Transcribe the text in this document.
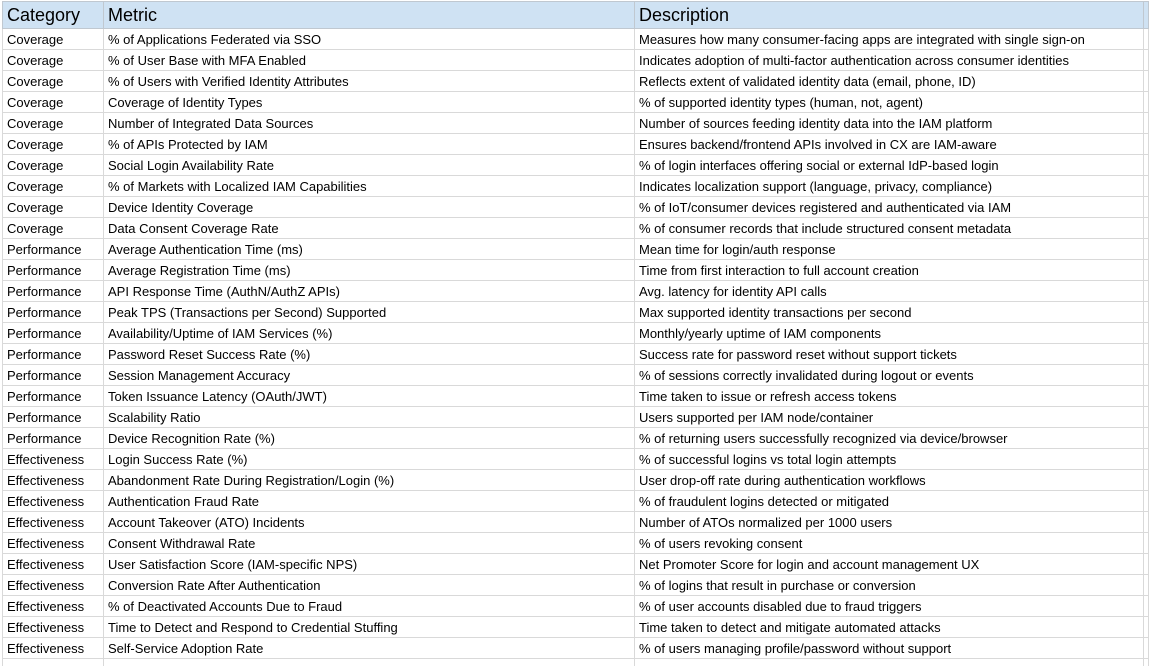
Category	Metric	Description	
Coverage	% of Applications Federated via SSO	Measures how many consumer-facing apps are integrated with single sign-on	
Coverage	% of User Base with MFA Enabled	Indicates adoption of multi-factor authentication across consumer identities	
Coverage	% of Users with Verified Identity Attributes	Reflects extent of validated identity data (email, phone, ID)	
Coverage	Coverage of Identity Types	% of supported identity types (human, not, agent)	
Coverage	Number of Integrated Data Sources	Number of sources feeding identity data into the IAM platform	
Coverage	% of APIs Protected by IAM	Ensures backend/frontend APIs involved in CX are IAM-aware	
Coverage	Social Login Availability Rate	% of login interfaces offering social or external IdP-based login	
Coverage	% of Markets with Localized IAM Capabilities	Indicates localization support (language, privacy, compliance)	
Coverage	Device Identity Coverage	% of IoT/consumer devices registered and authenticated via IAM	
Coverage	Data Consent Coverage Rate	% of consumer records that include structured consent metadata	
Performance	Average Authentication Time (ms)	Mean time for login/auth response	
Performance	Average Registration Time (ms)	Time from first interaction to full account creation	
Performance	API Response Time (AuthN/AuthZ APIs)	Avg. latency for identity API calls	
Performance	Peak TPS (Transactions per Second) Supported	Max supported identity transactions per second	
Performance	Availability/Uptime of IAM Services (%)	Monthly/yearly uptime of IAM components	
Performance	Password Reset Success Rate (%)	Success rate for password reset without support tickets	
Performance	Session Management Accuracy	% of sessions correctly invalidated during logout or events	
Performance	Token Issuance Latency (OAuth/JWT)	Time taken to issue or refresh access tokens	
Performance	Scalability Ratio	Users supported per IAM node/container	
Performance	Device Recognition Rate (%)	% of returning users successfully recognized via device/browser	
Effectiveness	Login Success Rate (%)	% of successful logins vs total login attempts	
Effectiveness	Abandonment Rate During Registration/Login (%)	User drop-off rate during authentication workflows	
Effectiveness	Authentication Fraud Rate	% of fraudulent logins detected or mitigated	
Effectiveness	Account Takeover (ATO) Incidents	Number of ATOs normalized per 1000 users	
Effectiveness	Consent Withdrawal Rate	% of users revoking consent	
Effectiveness	User Satisfaction Score (IAM-specific NPS)	Net Promoter Score for login and account management UX	
Effectiveness	Conversion Rate After Authentication	% of logins that result in purchase or conversion	
Effectiveness	% of Deactivated Accounts Due to Fraud	% of user accounts disabled due to fraud triggers	
Effectiveness	Time to Detect and Respond to Credential Stuffing	Time taken to detect and mitigate automated attacks	
Effectiveness	Self-Service Adoption Rate	% of users managing profile/password without support	
